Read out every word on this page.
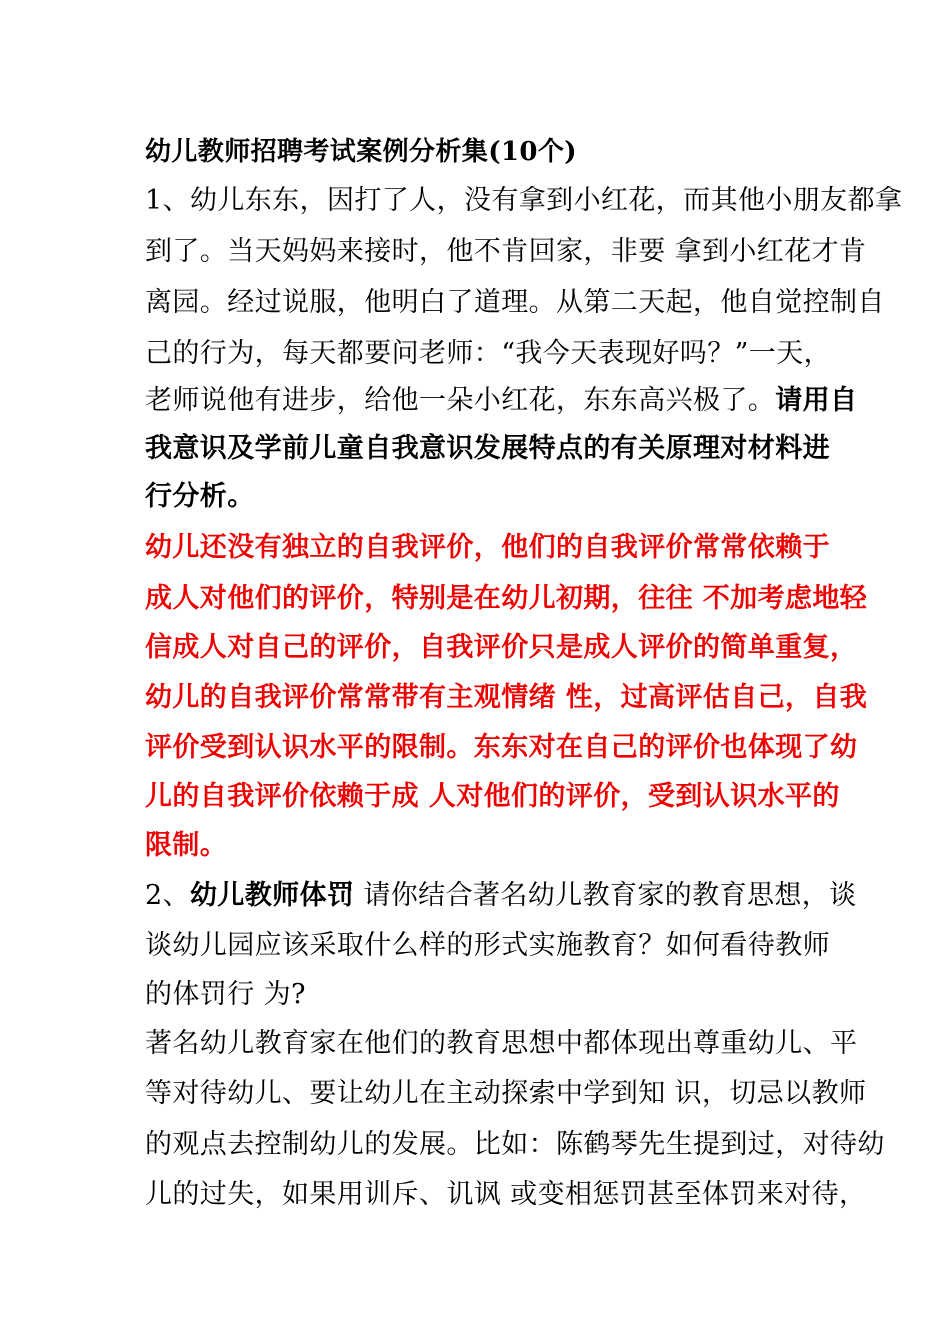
幼儿教师招聘考试案例分析集(10个)
1、幼儿东东，因打了人，没有拿到小红花，而其他小朋友都拿
到了。当天妈妈来接时，他不肯回家，非要 拿到小红花才肯
离园。经过说服，他明白了道理。从第二天起，他自觉控制自
己的行为，每天都要问老师：“我今天表现好吗？”一天，
老师说他有进步，给他一朵小红花，东东高兴极了。请用自
我意识及学前儿童自我意识发展特点的有关原理对材料进
行分析。
幼儿还没有独立的自我评价，他们的自我评价常常依赖于
成人对他们的评价，特别是在幼儿初期，往往 不加考虑地轻
信成人对自己的评价，自我评价只是成人评价的简单重复，
幼儿的自我评价常常带有主观情绪 性，过高评估自己，自我
评价受到认识水平的限制。东东对在自己的评价也体现了幼
儿的自我评价依赖于成 人对他们的评价，受到认识水平的
限制。
2、幼儿教师体罚 请你结合著名幼儿教育家的教育思想，谈
谈幼儿园应该采取什么样的形式实施教育？如何看待教师
的体罚行 为?
著名幼儿教育家在他们的教育思想中都体现出尊重幼儿、平
等对待幼儿、要让幼儿在主动探索中学到知 识，切忌以教师
的观点去控制幼儿的发展。比如：陈鹤琴先生提到过，对待幼
儿的过失，如果用训斥、讥讽 或变相惩罚甚至体罚来对待，
